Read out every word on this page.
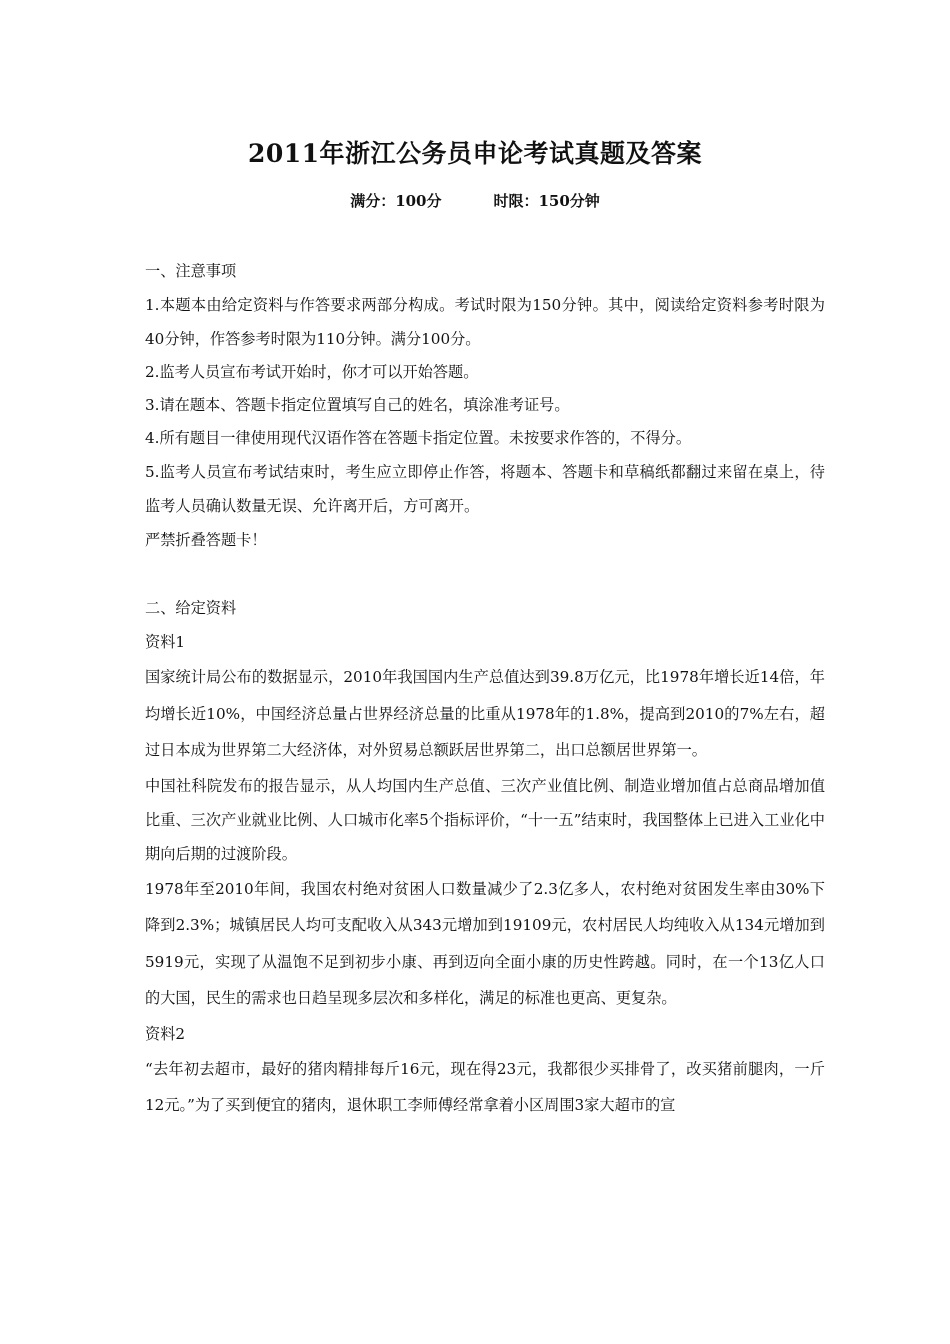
2011年浙江公务员申论考试真题及答案
满分：100分	时限：150分钟

一、注意事项

1.本题本由给定资料与作答要求两部分构成。考试时限为150分钟。其中，阅读给定资料参考时限为40分钟，作答参考时限为110分钟。满分100分。

2.监考人员宣布考试开始时，你才可以开始答题。

3.请在题本、答题卡指定位置填写自己的姓名，填涂准考证号。

4.所有题目一律使用现代汉语作答在答题卡指定位置。未按要求作答的，不得分。

5.监考人员宣布考试结束时，考生应立即停止作答，将题本、答题卡和草稿纸都翻过来留在桌上，待监考人员确认数量无误、允许离开后，方可离开。

严禁折叠答题卡！

二、给定资料

资料1

国家统计局公布的数据显示，2010年我国国内生产总值达到39.8万亿元，比1978年增长近14倍，年均增长近10%，中国经济总量占世界经济总量的比重从1978年的1.8%，提高到2010的7%左右，超过日本成为世界第二大经济体，对外贸易总额跃居世界第二，出口总额居世界第一。

中国社科院发布的报告显示，从人均国内生产总值、三次产业值比例、制造业增加值占总商品增加值比重、三次产业就业比例、人口城市化率5个指标评价，“十一五”结束时，我国整体上已进入工业化中期向后期的过渡阶段。

1978年至2010年间，我国农村绝对贫困人口数量减少了2.3亿多人，农村绝对贫困发生率由30%下降到2.3%；城镇居民人均可支配收入从343元增加到19109元，农村居民人均纯收入从134元增加到5919元，实现了从温饱不足到初步小康、再到迈向全面小康的历史性跨越。同时，在一个13亿人口的大国，民生的需求也日趋呈现多层次和多样化，满足的标准也更高、更复杂。

资料2

“去年初去超市，最好的猪肉精排每斤16元，现在得23元，我都很少买排骨了，改买猪前腿肉，一斤12元。”为了买到便宜的猪肉，退休职工李师傅经常拿着小区周围3家大超市的宣
